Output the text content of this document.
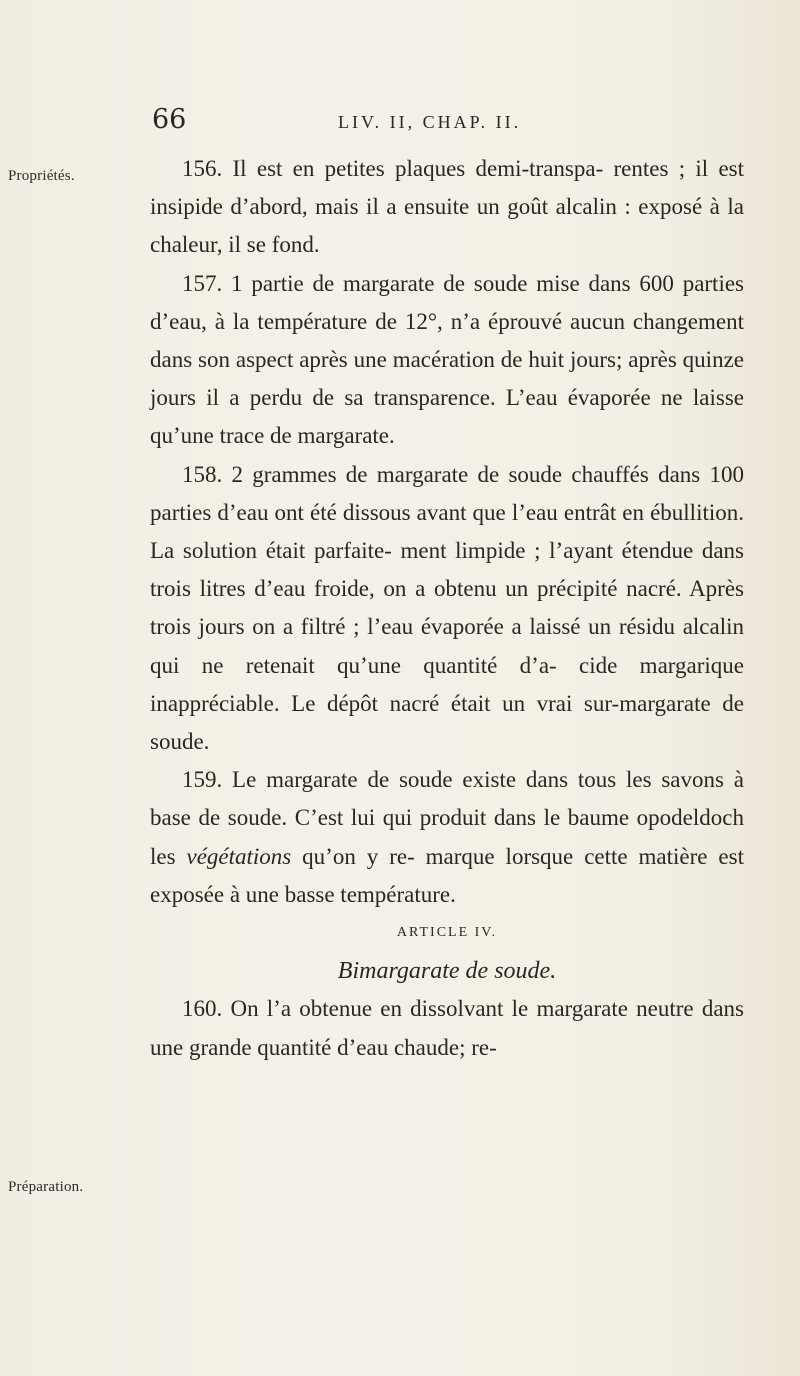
66	LIV. II, CHAP. II.
Propriétés.
Préparation.

156. Il est en petites plaques demi-transpa- rentes ; il est insipide d’abord, mais il a ensuite un goût alcalin : exposé à la chaleur, il se fond.

157. 1 partie de margarate de soude mise dans 600 parties d’eau, à la température de 12°, n’a éprouvé aucun changement dans son aspect après une macération de huit jours; après quinze jours il a perdu de sa transparence. L’eau évaporée ne laisse qu’une trace de margarate.

158. 2 grammes de margarate de soude chauffés dans 100 parties d’eau ont été dissous avant que l’eau entrât en ébullition. La solution était parfaite- ment limpide ; l’ayant étendue dans trois litres d’eau froide, on a obtenu un précipité nacré. Après trois jours on a filtré ; l’eau évaporée a laissé un résidu alcalin qui ne retenait qu’une quantité d’a- cide margarique inappréciable. Le dépôt nacré était un vrai sur-margarate de soude.

159. Le margarate de soude existe dans tous les savons à base de soude. C’est lui qui produit dans le baume opodeldoch les végétations qu’on y re- marque lorsque cette matière est exposée à une basse température.

ARTICLE IV.

Bimargarate de soude.

160. On l’a obtenue en dissolvant le margarate neutre dans une grande quantité d’eau chaude; re-
